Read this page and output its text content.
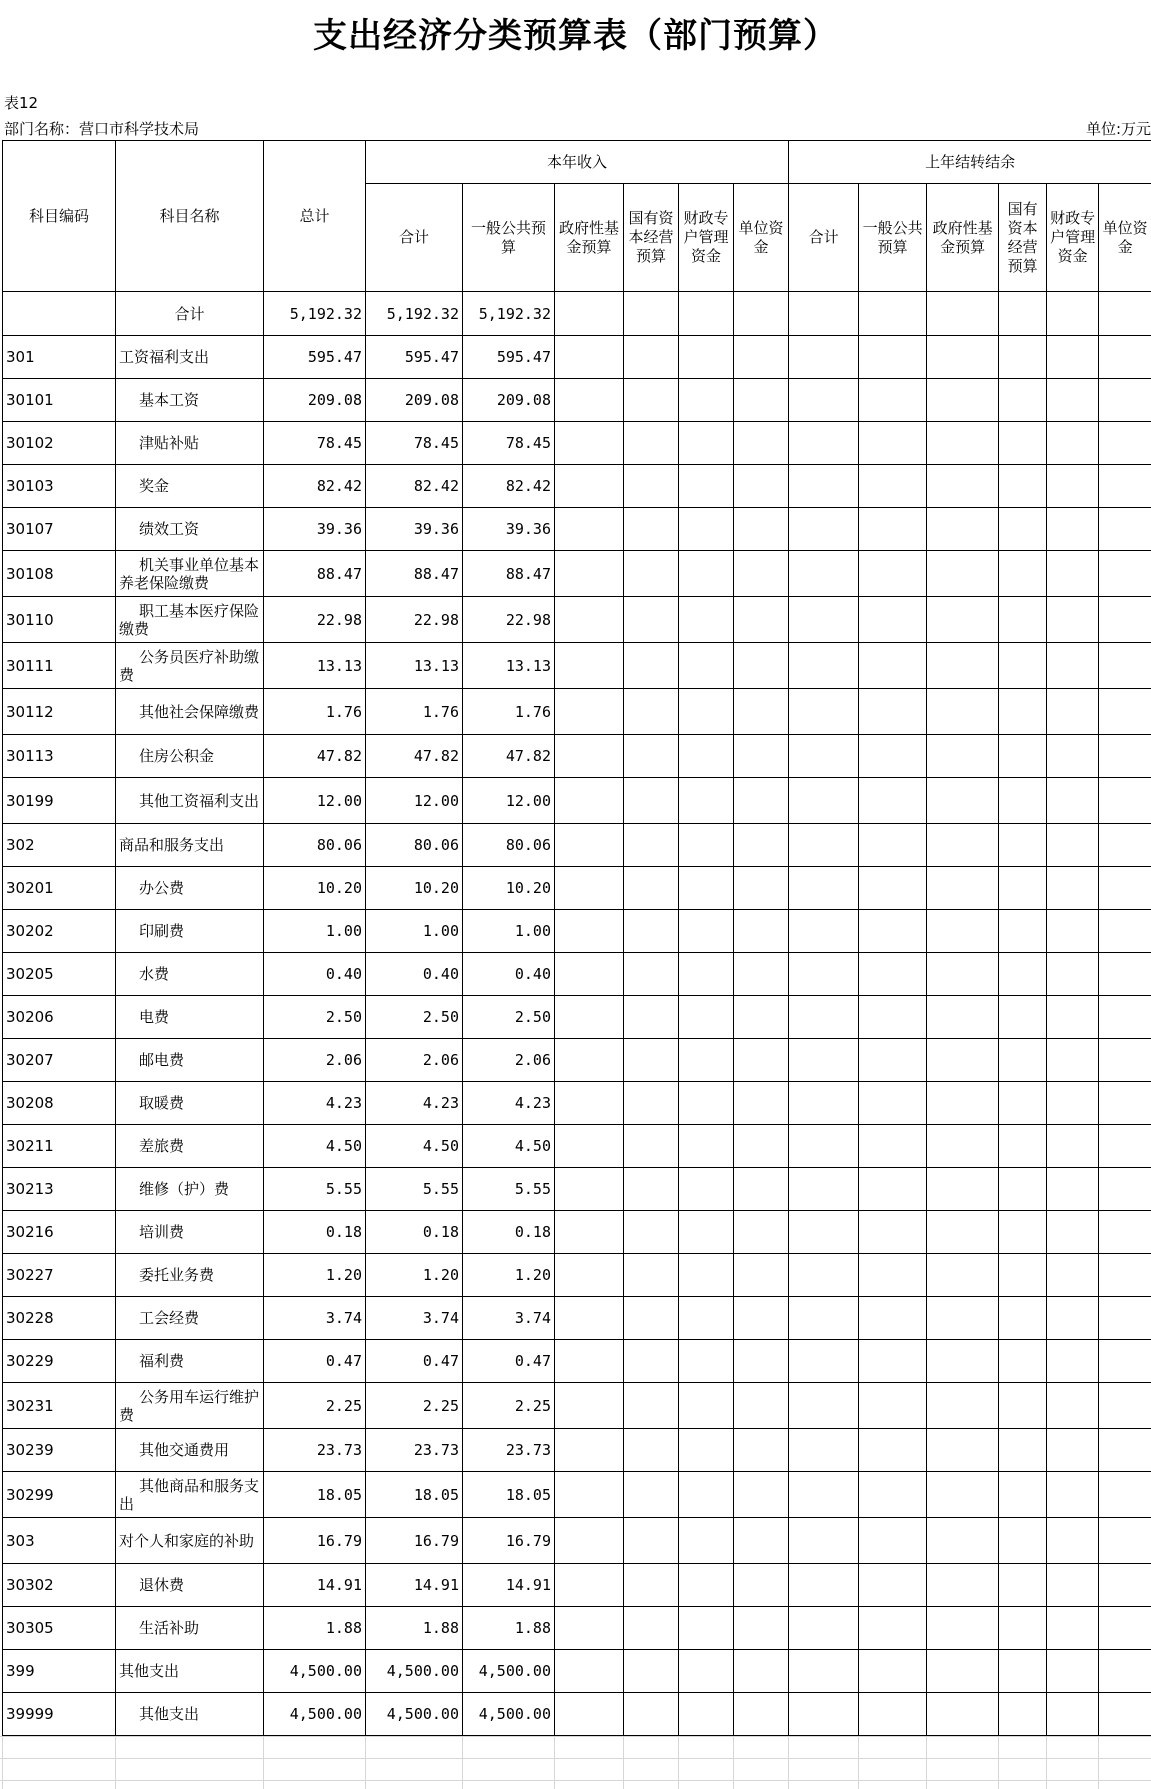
支出经济分类预算表（部门预算）
表12
部门名称：营口市科学技术局	单位:万元
科目编码	科目名称	总计	本年收入						上年结转结余					
			合计	一般公共预算	政府性基金预算	国有资本经营预算	财政专户管理资金	单位资金	合计	一般公共预算	政府性基金预算	国有资本经营预算	财政专户管理资金	单位资金
	合计	5,192.32	5,192.32	5,192.32										
301	工资福利支出	595.47	595.47	595.47										
30101	基本工资	209.08	209.08	209.08										
30102	津贴补贴	78.45	78.45	78.45										
30103	奖金	82.42	82.42	82.42										
30107	绩效工资	39.36	39.36	39.36										
30108	机关事业单位基本养老保险缴费	88.47	88.47	88.47										
30110	职工基本医疗保险缴费	22.98	22.98	22.98										
30111	公务员医疗补助缴费	13.13	13.13	13.13										
30112	其他社会保障缴费	1.76	1.76	1.76										
30113	住房公积金	47.82	47.82	47.82										
30199	其他工资福利支出	12.00	12.00	12.00										
302	商品和服务支出	80.06	80.06	80.06										
30201	办公费	10.20	10.20	10.20										
30202	印刷费	1.00	1.00	1.00										
30205	水费	0.40	0.40	0.40										
30206	电费	2.50	2.50	2.50										
30207	邮电费	2.06	2.06	2.06										
30208	取暖费	4.23	4.23	4.23										
30211	差旅费	4.50	4.50	4.50										
30213	维修（护）费	5.55	5.55	5.55										
30216	培训费	0.18	0.18	0.18										
30227	委托业务费	1.20	1.20	1.20										
30228	工会经费	3.74	3.74	3.74										
30229	福利费	0.47	0.47	0.47										
30231	公务用车运行维护费	2.25	2.25	2.25										
30239	其他交通费用	23.73	23.73	23.73										
30299	其他商品和服务支出	18.05	18.05	18.05										
303	对个人和家庭的补助	16.79	16.79	16.79										
30302	退休费	14.91	14.91	14.91										
30305	生活补助	1.88	1.88	1.88										
399	其他支出	4,500.00	4,500.00	4,500.00										
39999	其他支出	4,500.00	4,500.00	4,500.00										
